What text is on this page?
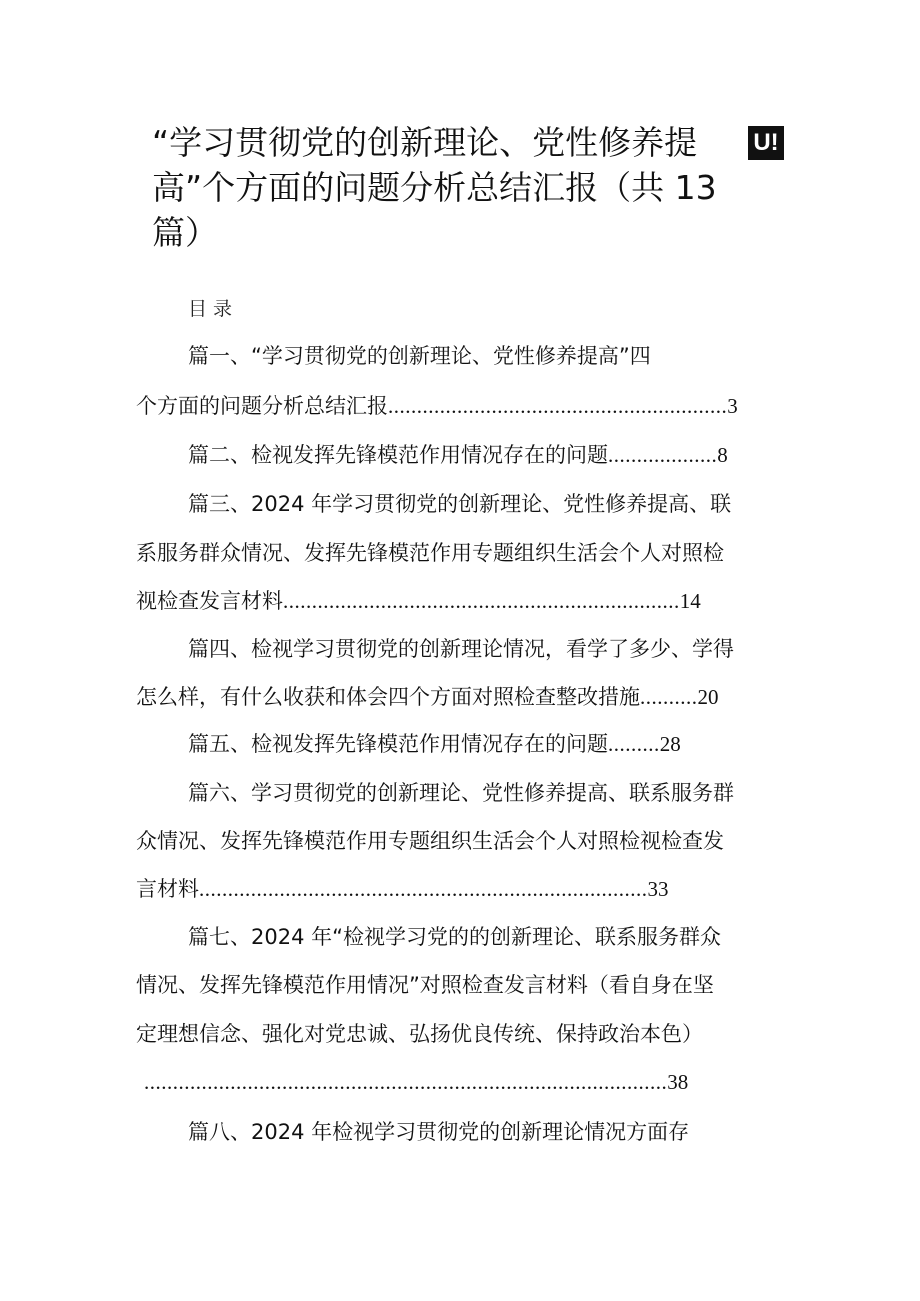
“学习贯彻党的创新理论、党性修养提
高”个方面的问题分析总结汇报（共 13
篇）
U!
目录
篇一、“学习贯彻党的创新理论、党性修养提高”四
个方面的问题分析总结汇报...........................................................3
篇二、检视发挥先锋模范作用情况存在的问题...................8
篇三、2024 年学习贯彻党的创新理论、党性修养提高、联
系服务群众情况、发挥先锋模范作用专题组织生活会个人对照检
视检查发言材料.....................................................................14
篇四、检视学习贯彻党的创新理论情况，看学了多少、学得
怎么样，有什么收获和体会四个方面对照检查整改措施..........20
篇五、检视发挥先锋模范作用情况存在的问题.........28
篇六、学习贯彻党的创新理论、党性修养提高、联系服务群
众情况、发挥先锋模范作用专题组织生活会个人对照检视检查发
言材料..............................................................................33
篇七、2024 年“检视学习党的的创新理论、联系服务群众
情况、发挥先锋模范作用情况”对照检查发言材料（看自身在坚
定理想信念、强化对党忠诚、弘扬优良传统、保持政治本色）
...........................................................................................38
篇八、2024 年检视学习贯彻党的创新理论情况方面存
